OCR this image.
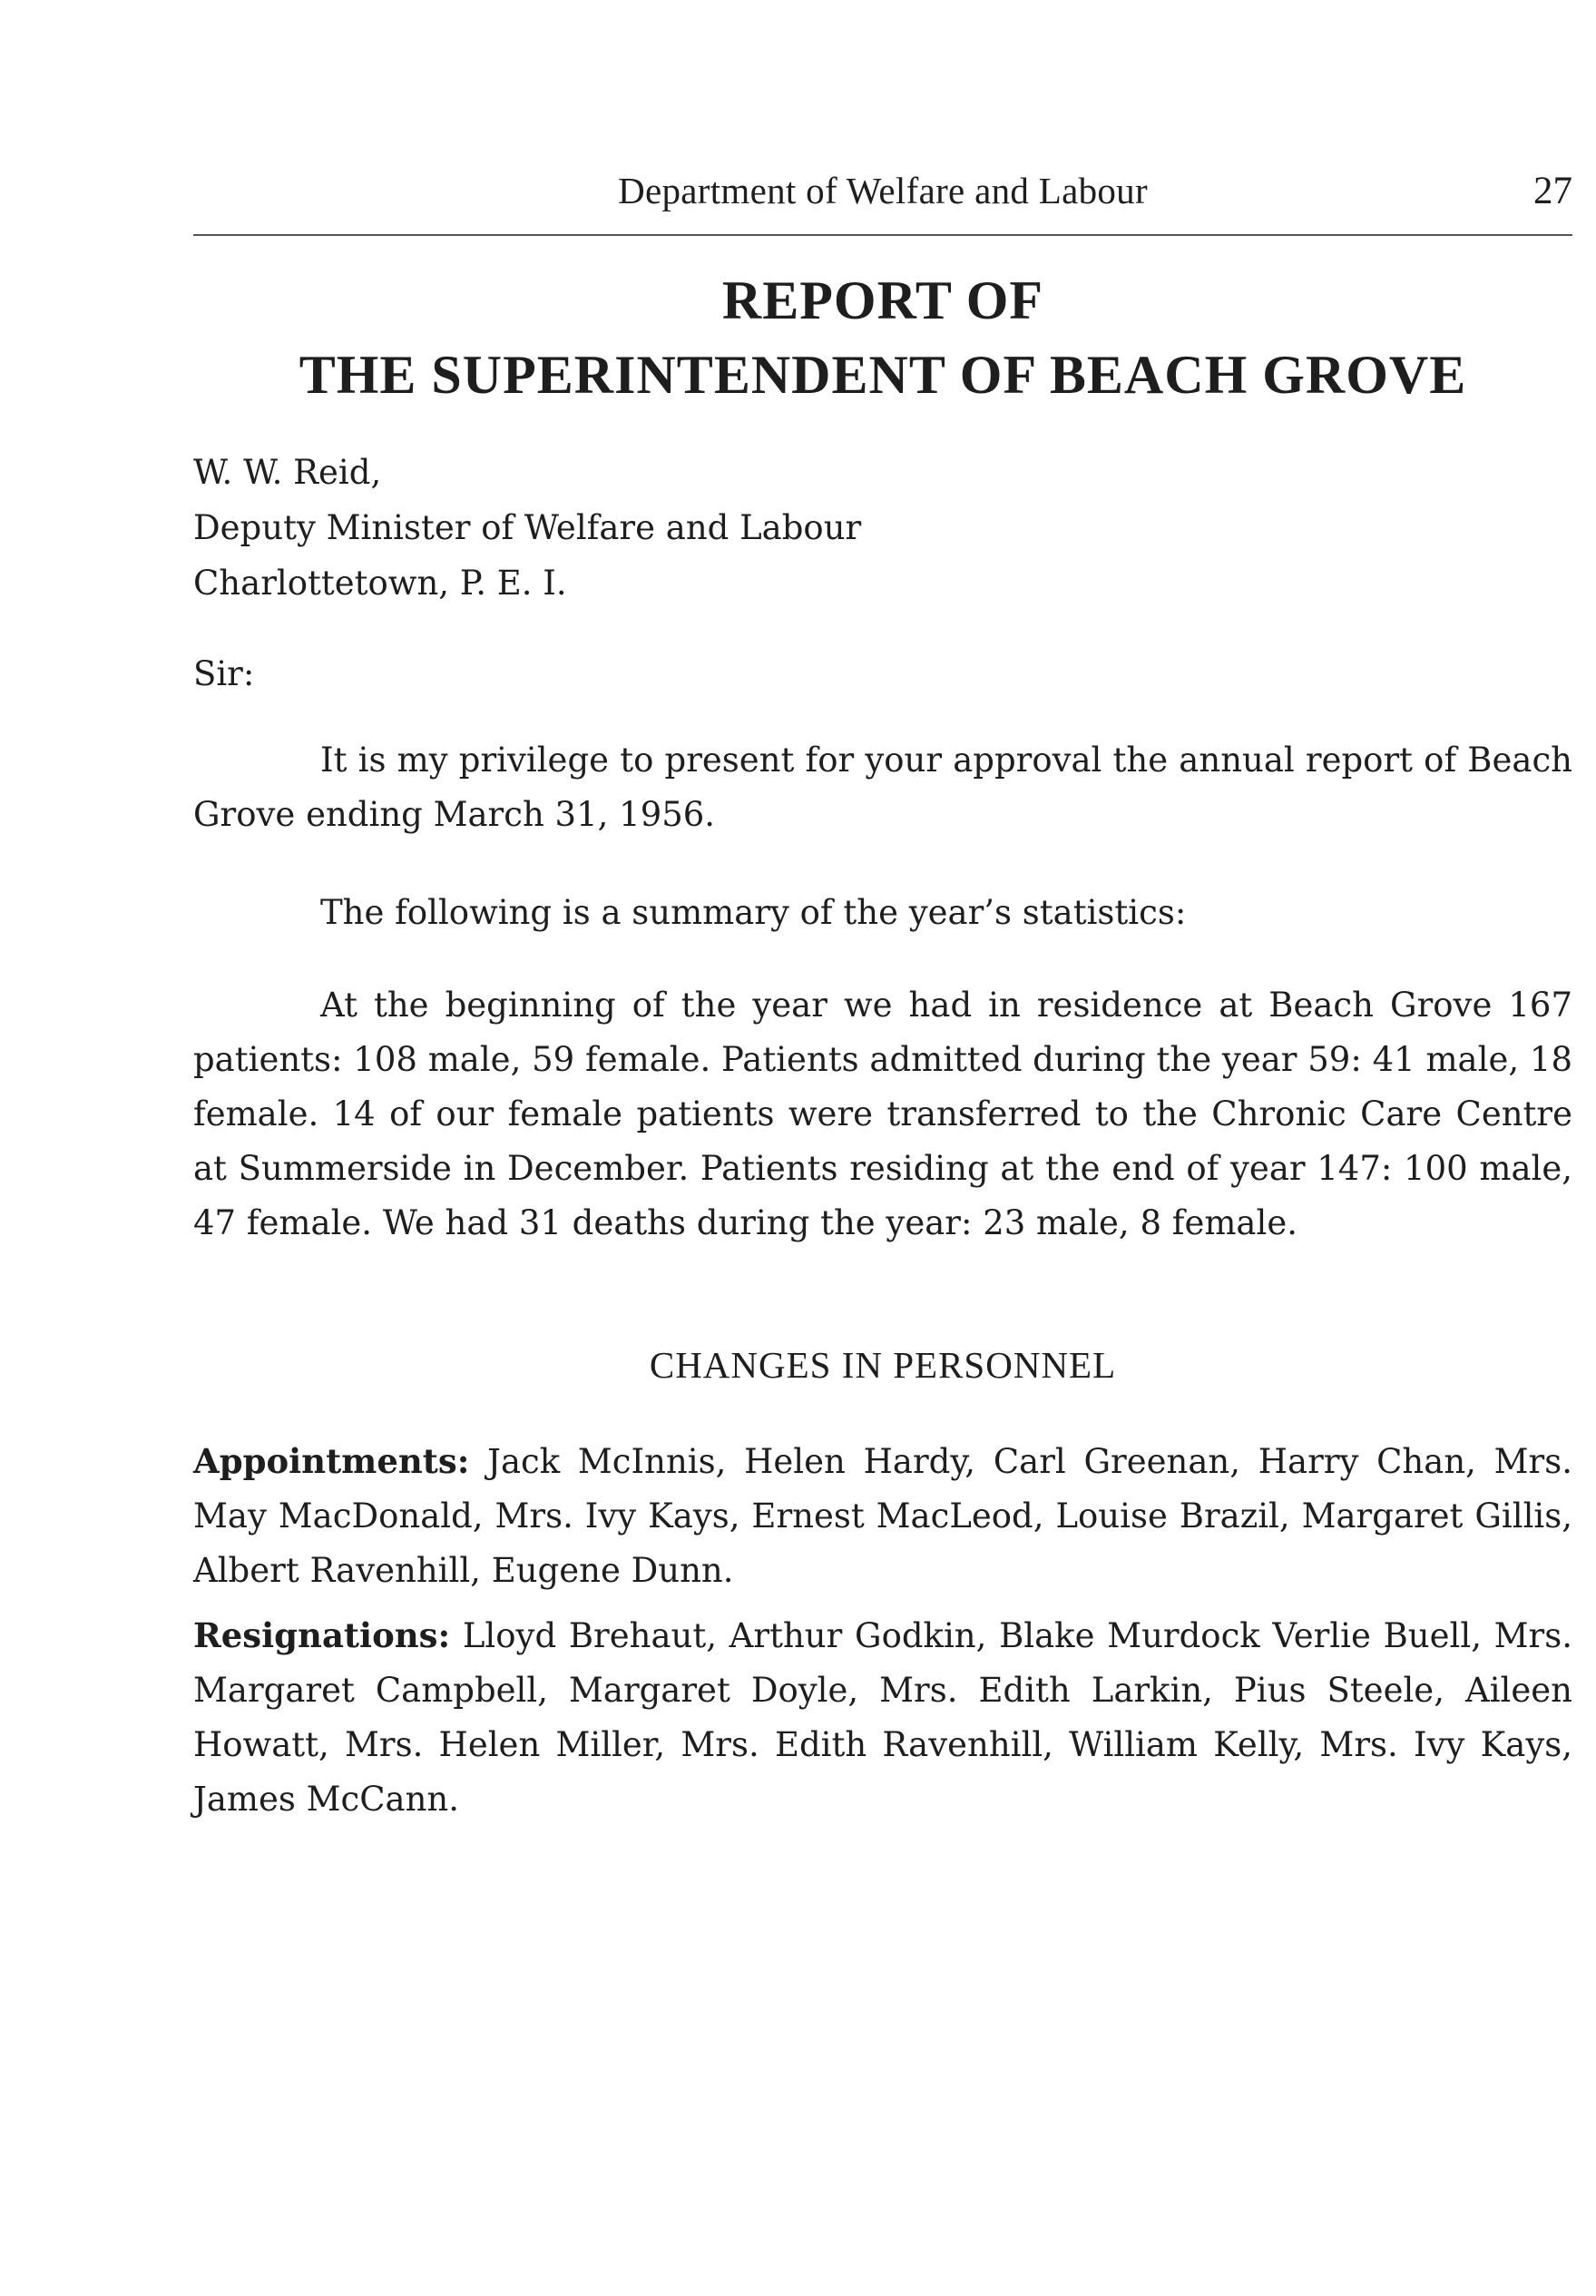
Department of Welfare and Labour	27
REPORT OF
THE SUPERINTENDENT OF BEACH GROVE
W. W. Reid,
Deputy Minister of Welfare and Labour
Charlottetown, P. E. I.
Sir:

It is my privilege to present for your approval the annual report of Beach Grove ending March 31, 1956.

The following is a summary of the year’s statistics:

At the beginning of the year we had in residence at Beach Grove 167 patients: 108 male, 59 female. Patients admitted during the year 59: 41 male, 18 female. 14 of our female patients were transferred to the Chronic Care Centre at Summerside in December. Patients residing at the end of year 147: 100 male, 47 female. We had 31 deaths during the year: 23 male, 8 female.

CHANGES IN PERSONNEL

Appointments: Jack McInnis, Helen Hardy, Carl Greenan, Harry Chan, Mrs. May MacDonald, Mrs. Ivy Kays, Ernest MacLeod, Louise Brazil, Margaret Gillis, Albert Ravenhill, Eugene Dunn.

Resignations: Lloyd Brehaut, Arthur Godkin, Blake Murdock Verlie Buell, Mrs. Margaret Campbell, Margaret Doyle, Mrs. Edith Larkin, Pius Steele, Aileen Howatt, Mrs. Helen Miller, Mrs. Edith Ravenhill, William Kelly, Mrs. Ivy Kays, James McCann.
